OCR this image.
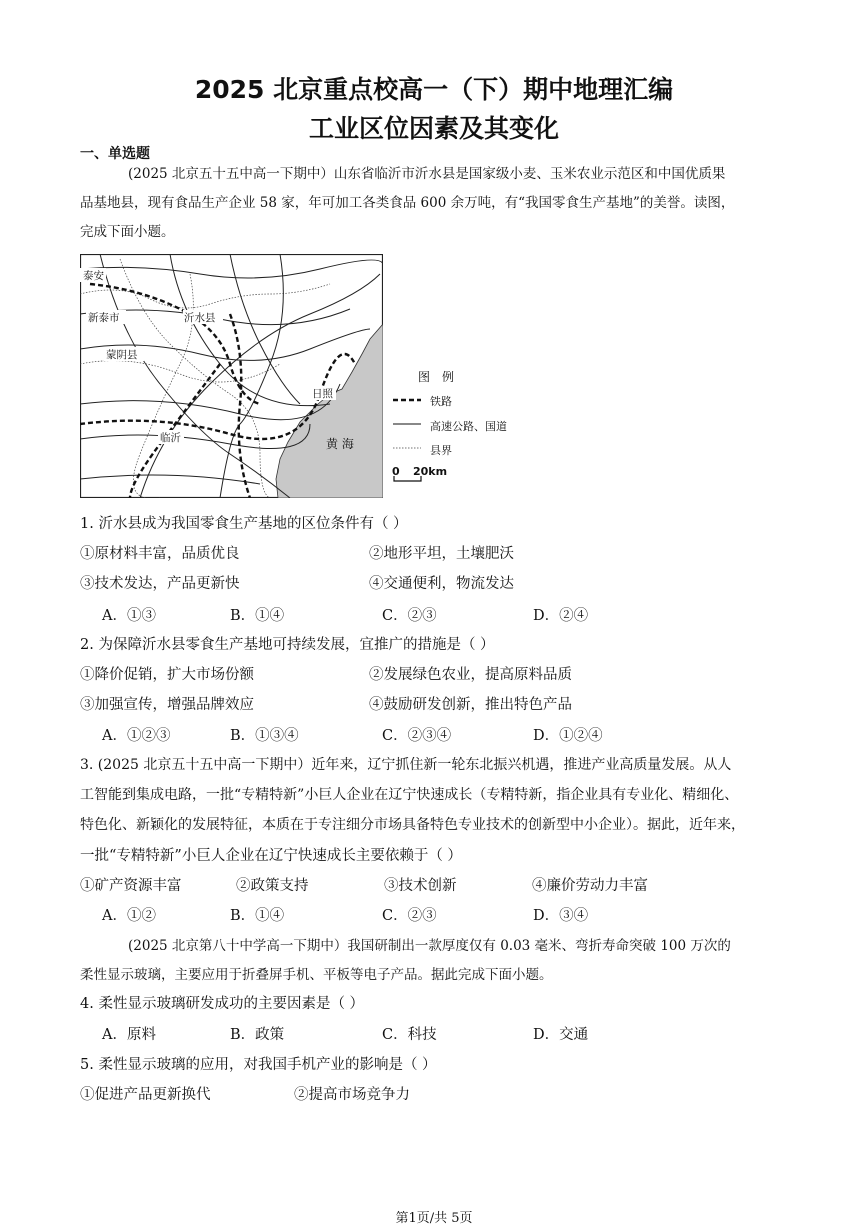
2025 北京重点校高一（下）期中地理汇编
工业区位因素及其变化
一、单选题
(2025 北京五十五中高一下期中）山东省临沂市沂水县是国家级小麦、玉米农业示范区和中国优质果
品基地县，现有食品生产企业 58 家，年可加工各类食品 600 余万吨，有“我国零食生产基地”的美誉。读图，
完成下面小题。
泰安
新泰市	沂水县
蒙阴县
日照
临沂	黄 海
图　例
铁路
高速公路、国道
县界
0 20km
1. 沂水县成为我国零食生产基地的区位条件有（ ）
①原材料丰富，品质优良	②地形平坦，土壤肥沃
③技术发达，产品更新快	④交通便利，物流发达
A．①③	B．①④	C．②③	D．②④
2. 为保障沂水县零食生产基地可持续发展，宜推广的措施是（ ）
①降价促销，扩大市场份额	②发展绿色农业，提高原料品质
③加强宣传，增强品牌效应	④鼓励研发创新，推出特色产品
A．①②③	B．①③④	C．②③④	D．①②④
3. (2025 北京五十五中高一下期中）近年来，辽宁抓住新一轮东北振兴机遇，推进产业高质量发展。从人
工智能到集成电路，一批“专精特新”小巨人企业在辽宁快速成长（专精特新，指企业具有专业化、精细化、
特色化、新颖化的发展特征，本质在于专注细分市场具备特色专业技术的创新型中小企业）。据此，近年来，
一批“专精特新”小巨人企业在辽宁快速成长主要依赖于（ ）
①矿产资源丰富	②政策支持	③技术创新	④廉价劳动力丰富
A．①②	B．①④	C．②③	D．③④
(2025 北京第八十中学高一下期中）我国研制出一款厚度仅有 0.03 毫米、弯折寿命突破 100 万次的
柔性显示玻璃，主要应用于折叠屏手机、平板等电子产品。据此完成下面小题。
4. 柔性显示玻璃研发成功的主要因素是（ ）
A．原料	B．政策	C．科技	D．交通
5. 柔性显示玻璃的应用，对我国手机产业的影响是（ ）
①促进产品更新换代	②提高市场竞争力
第1页/共 5页
